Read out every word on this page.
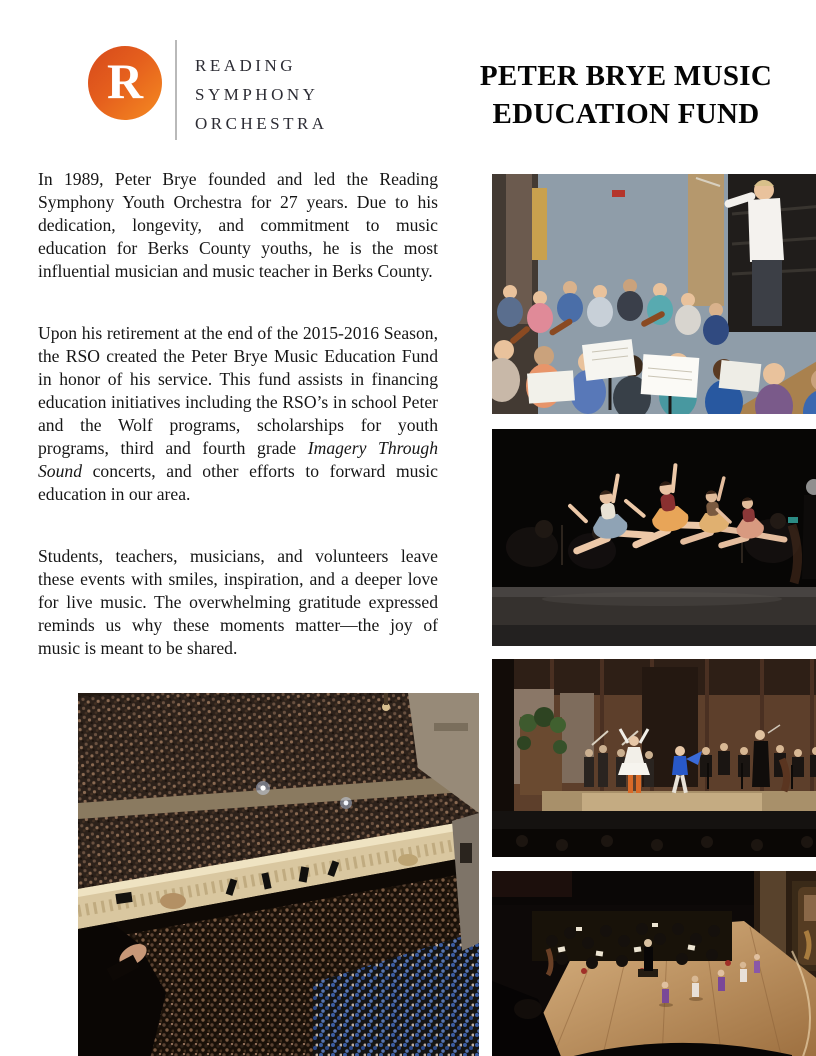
R	READING
SYMPHONY
ORCHESTRA
PETER BRYE MUSIC
EDUCATION FUND

In 1989, Peter Brye founded and led the Reading Symphony Youth Orchestra for 27 years. Due to his dedication, longevity, and commitment to music education for Berks County youths, he is the most influential musician and music teacher in Berks County.

Upon his retirement at the end of the 2015-2016 Season, the RSO created the Peter Brye Music Education Fund in honor of his service. This fund assists in financing education initiatives including the RSO’s in school Peter and the Wolf programs, scholarships for youth programs, third and fourth grade Imagery Through Sound concerts, and other efforts to forward music education in our area.

Students, teachers, musicians, and volunteers leave these events with smiles, inspiration, and a deeper love for live music. The overwhelming gratitude expressed reminds us why these moments matter—the joy of music is meant to be shared.
